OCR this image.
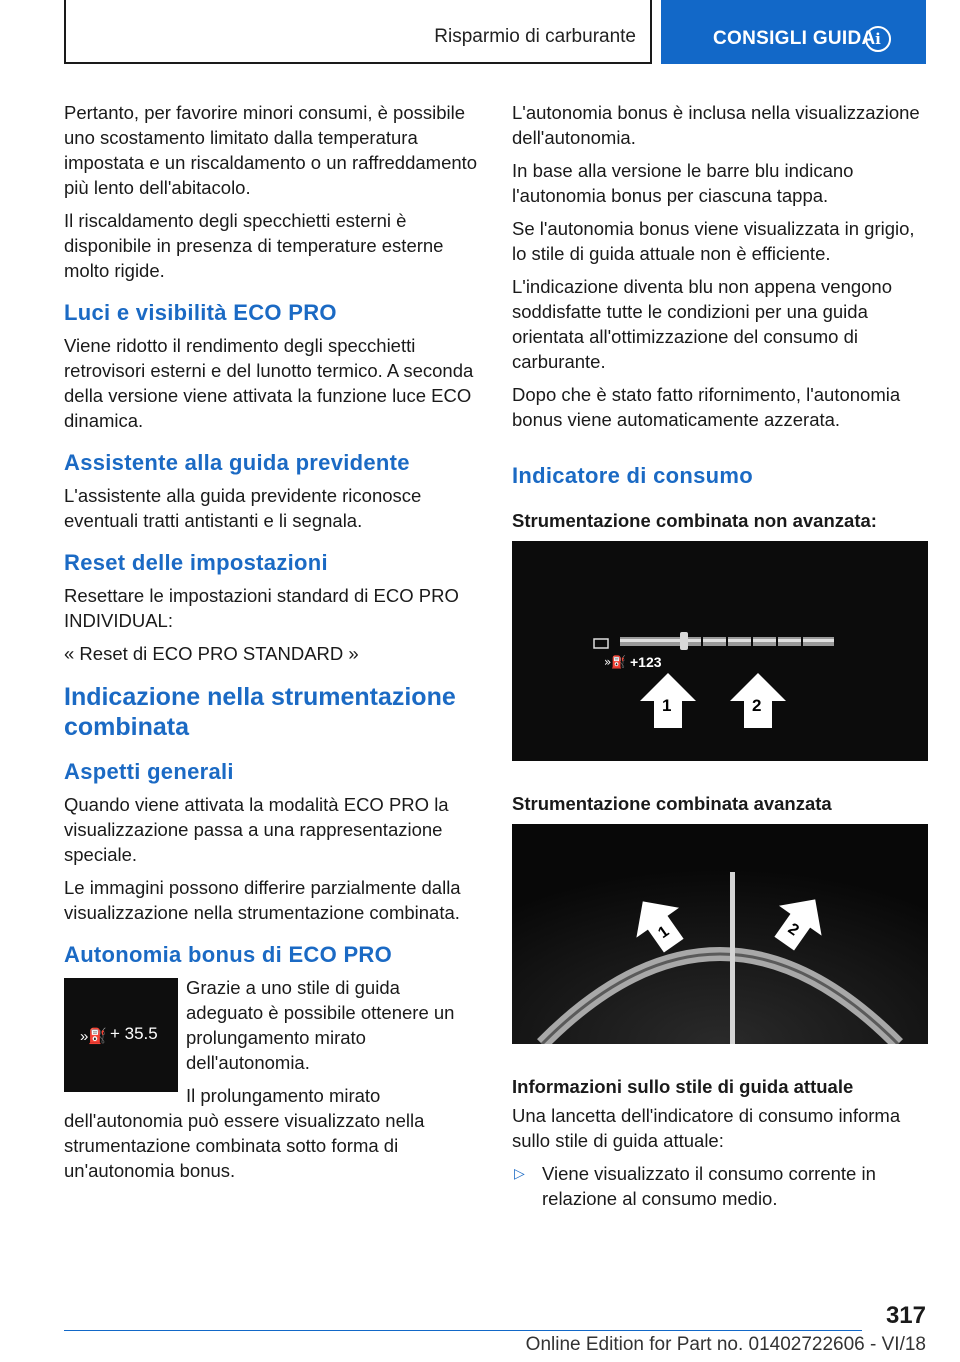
Risparmio di carburante	CONSIGLI GUIDA i

Pertanto, per favorire minori consumi, è possibile uno scostamento limitato dalla temperatura impostata e un riscaldamento o un raffreddamento più lento dell'abitacolo.

Il riscaldamento degli specchietti esterni è disponibile in presenza di temperature esterne molto rigide.

Luci e visibilità ECO PRO

Viene ridotto il rendimento degli specchietti retrovisori esterni e del lunotto termico. A seconda della versione viene attivata la funzione luce ECO dinamica.

Assistente alla guida previdente

L'assistente alla guida previdente riconosce eventuali tratti antistanti e li segnala.

Reset delle impostazioni

Resettare le impostazioni standard di ECO PRO INDIVIDUAL:

« Reset di ECO PRO STANDARD »

Indicazione nella strumentazione combinata
Aspetti generali

Quando viene attivata la modalità ECO PRO la visualizzazione passa a una rappresentazione speciale.

Le immagini possono differire parzialmente dalla visualizzazione nella strumentazione combinata.

Autonomia bonus di ECO PRO
»⛽ + 35.5

Grazie a uno stile di guida adeguato è possibile ottenere un prolungamento mirato dell'autonomia.

Il prolungamento mirato dell'autonomia può essere visualizzato nella strumentazione combinata sotto forma di un'autonomia bonus.

L'autonomia bonus è inclusa nella visualizzazione dell'autonomia.

In base alla versione le barre blu indicano l'autonomia bonus per ciascuna tappa.

Se l'autonomia bonus viene visualizzata in grigio, lo stile di guida attuale non è efficiente.

L'indicazione diventa blu non appena vengono soddisfatte tutte le condizioni per una guida orientata all'ottimizzazione del consumo di carburante.

Dopo che è stato fatto rifornimento, l'autonomia bonus viene automaticamente azzerata.

Indicatore di consumo
Strumentazione combinata non avanzata:
»⛽ +123
1	2
Strumentazione combinata avanzata
1	2
Informazioni sullo stile di guida attuale

Una lancetta dell'indicatore di consumo informa sullo stile di guida attuale:

▷ Viene visualizzato il consumo corrente in relazione al consumo medio.
317
Online Edition for Part no. 01402722606 - VI/18
